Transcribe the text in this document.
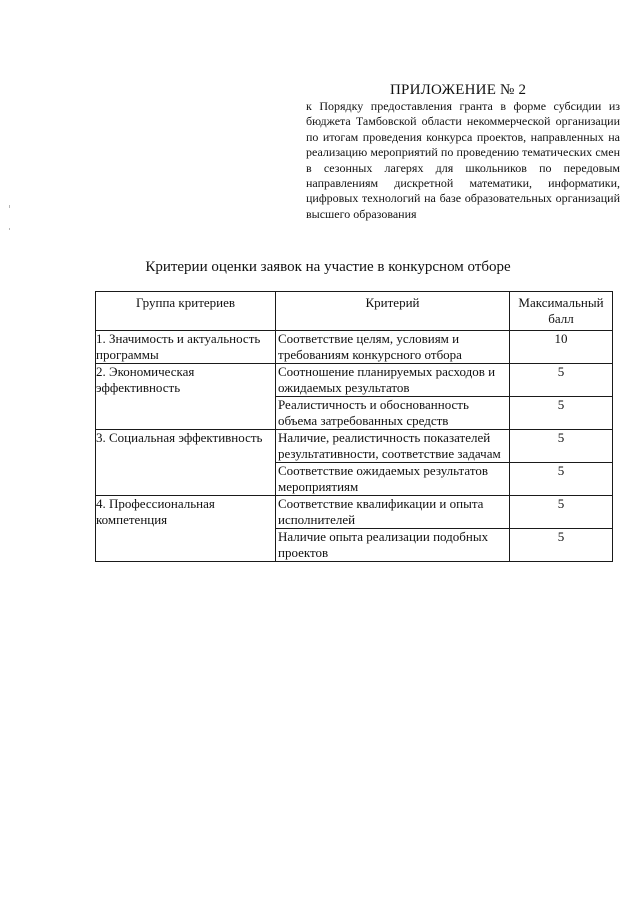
ПРИЛОЖЕНИЕ № 2

к Порядку предоставления гранта в форме субсидии из бюджета Тамбовской области некоммерческой организации по итогам проведения конкурса проектов, направленных на реализацию мероприятий по проведению тематических смен в сезонных лагерях для школьников по передовым направлениям дискретной математики, информатики, цифровых технологий на базе образовательных организаций высшего образования

Критерии оценки заявок на участие в конкурсном отборе
Группа критериев	Критерий	Максимальный балл
1. Значимость и актуальность программы	Соответствие целям, условиям и требованиям конкурсного отбора	10
2. Экономическая эффективность	Соотношение планируемых расходов и ожидаемых результатов	5
	Реалистичность и обоснованность объема затребованных средств	5
3. Социальная эффективность	Наличие, реалистичность показателей результативности, соответствие задачам	5
	Соответствие ожидаемых результатов мероприятиям	5
4. Профессиональная компетенция	Соответствие квалификации и опыта исполнителей	5
	Наличие опыта реализации подобных проектов	5
